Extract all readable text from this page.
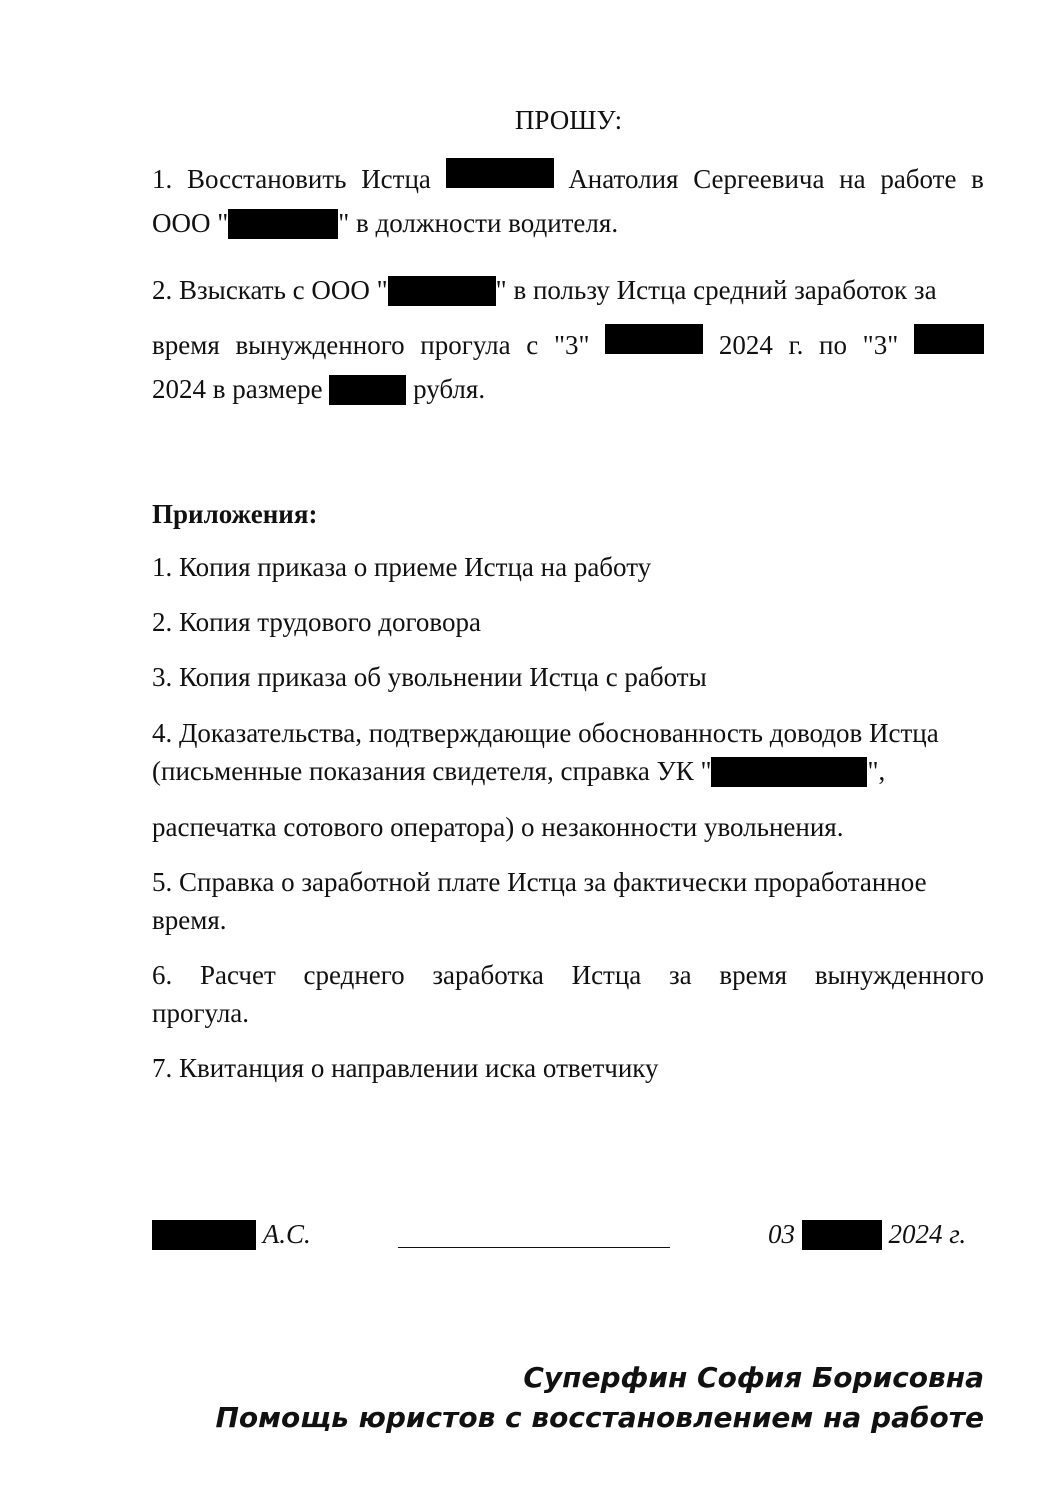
ПРОШУ:
1. Восстановить Истца	Анатолия Сергеевича на работе в
ООО "	" в должности водителя.
2. Взыскать с ООО "	" в пользу Истца средний заработок за
время вынужденного прогула с "3"	2024 г. по "3"
2024 в размере	рубля.
Приложения:
1. Копия приказа о приеме Истца на работу
2. Копия трудового договора
3. Копия приказа об увольнении Истца с работы
4. Доказательства, подтверждающие обоснованность доводов Истца
(письменные показания свидетеля, справка УК "	",
распечатка сотового оператора) о незаконности увольнения.
5. Справка о заработной плате Истца за фактически проработанное
время.
6. Расчет среднего заработка Истца за время вынужденного
прогула.
7. Квитанция о направлении иска ответчику
А.С.	03	2024 г.
Суперфин София Борисовна
Помощь юристов с восстановлением на работе
